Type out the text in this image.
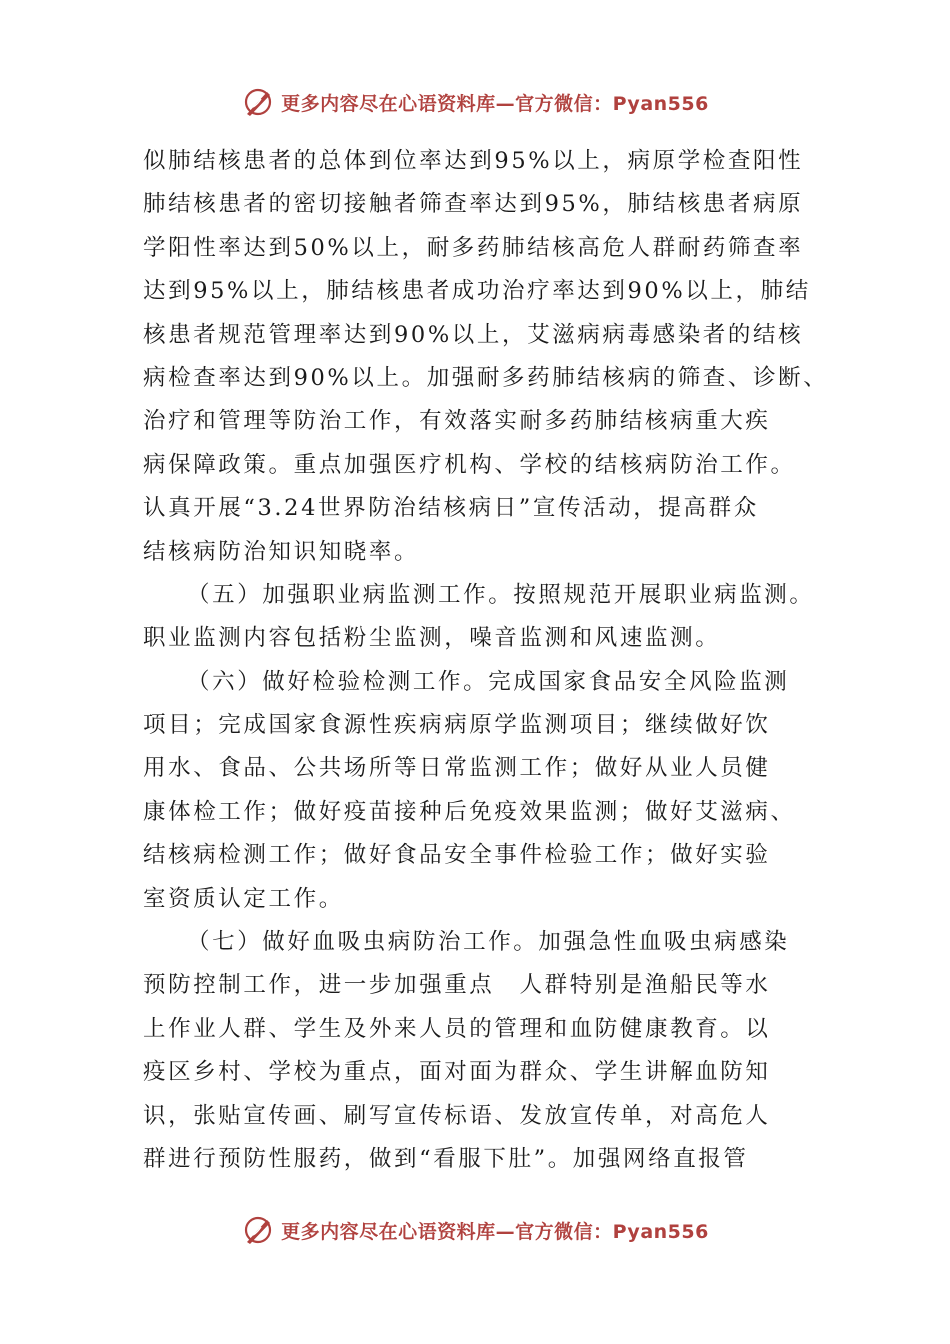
更多内容尽在心语资料库—官方微信：Pyan556
似肺结核患者的总体到位率达到95%以上，病原学检查阳性
肺结核患者的密切接触者筛查率达到95%，肺结核患者病原
学阳性率达到50%以上，耐多药肺结核高危人群耐药筛查率
达到95%以上，肺结核患者成功治疗率达到90%以上，肺结
核患者规范管理率达到90%以上，艾滋病病毒感染者的结核
病检查率达到90%以上。加强耐多药肺结核病的筛查、诊断、
治疗和管理等防治工作，有效落实耐多药肺结核病重大疾
病保障政策。重点加强医疗机构、学校的结核病防治工作。
认真开展“3.24世界防治结核病日”宣传活动，提高群众
结核病防治知识知晓率。
（五）加强职业病监测工作。按照规范开展职业病监测。
职业监测内容包括粉尘监测，噪音监测和风速监测。
（六）做好检验检测工作。完成国家食品安全风险监测
项目；完成国家食源性疾病病原学监测项目；继续做好饮
用水、食品、公共场所等日常监测工作；做好从业人员健
康体检工作；做好疫苗接种后免疫效果监测；做好艾滋病、
结核病检测工作；做好食品安全事件检验工作；做好实验
室资质认定工作。
（七）做好血吸虫病防治工作。加强急性血吸虫病感染
预防控制工作，进一步加强重点　人群特别是渔船民等水
上作业人群、学生及外来人员的管理和血防健康教育。以
疫区乡村、学校为重点，面对面为群众、学生讲解血防知
识，张贴宣传画、刷写宣传标语、发放宣传单，对高危人
群进行预防性服药，做到“看服下肚”。加强网络直报管
更多内容尽在心语资料库—官方微信：Pyan556
